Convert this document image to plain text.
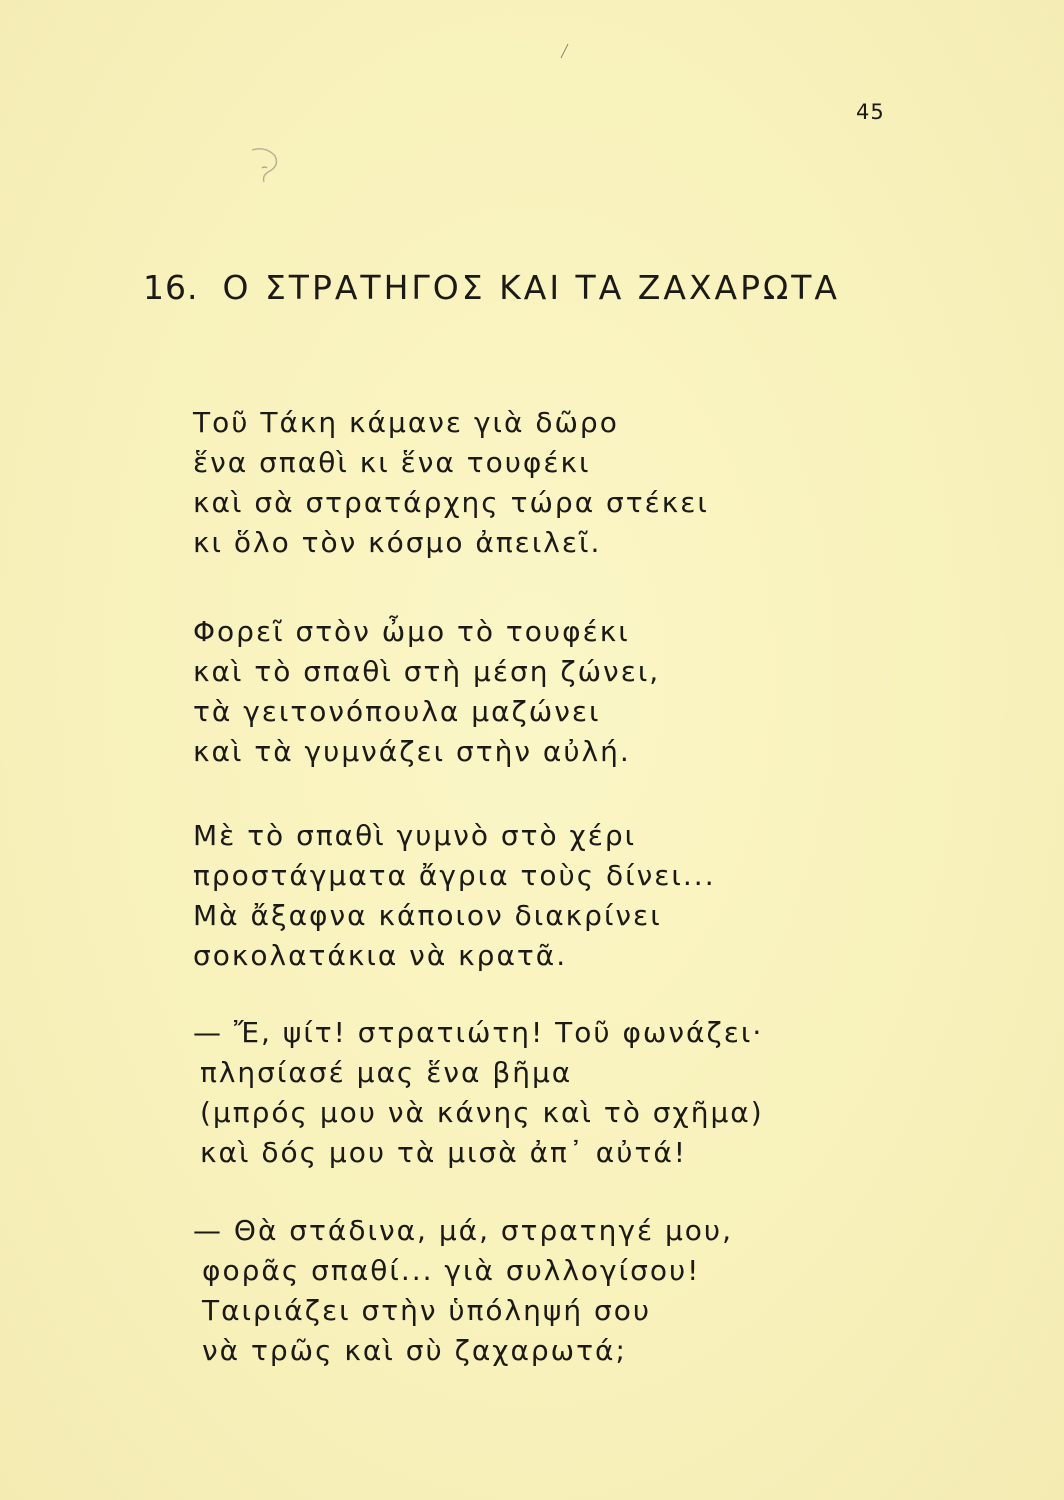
45
16. Ο ΣΤΡΑΤΗΓΟΣ ΚΑΙ ΤΑ ΖΑΧΑΡΩΤΑ
Τοῦ Τάκη κάμανε γιὰ δῶρο
ἕνα σπαθὶ κι ἕνα τουφέκι
καὶ σὰ στρατάρχης τώρα στέκει
κι ὅλο τὸν κόσμο ἀπειλεῖ.
Φορεῖ στὸν ὦμο τὸ τουφέκι
καὶ τὸ σπαθὶ στὴ μέση ζώνει,
τὰ γειτονόπουλα μαζώνει
καὶ τὰ γυμνάζει στὴν αὐλή.
Μὲ τὸ σπαθὶ γυμνὸ στὸ χέρι
προστάγματα ἄγρια τοὺς δίνει...
Μὰ ἄξαφνα κάποιον διακρίνει
σοκολατάκια νὰ κρατᾶ.
— Ἔ, ψίτ! στρατιώτη! Τοῦ φωνάζει·
πλησίασέ μας ἕνα βῆμα
(μπρός μου νὰ κάνης καὶ τὸ σχῆμα)
καὶ δός μου τὰ μισὰ ἀπ᾿ αὐτά!
— Θὰ στάδινα, μά, στρατηγέ μου,
φορᾶς σπαθί... γιὰ συλλογίσου!
Ταιριάζει στὴν ὑπόληψή σου
νὰ τρῶς καὶ σὺ ζαχαρωτά;
